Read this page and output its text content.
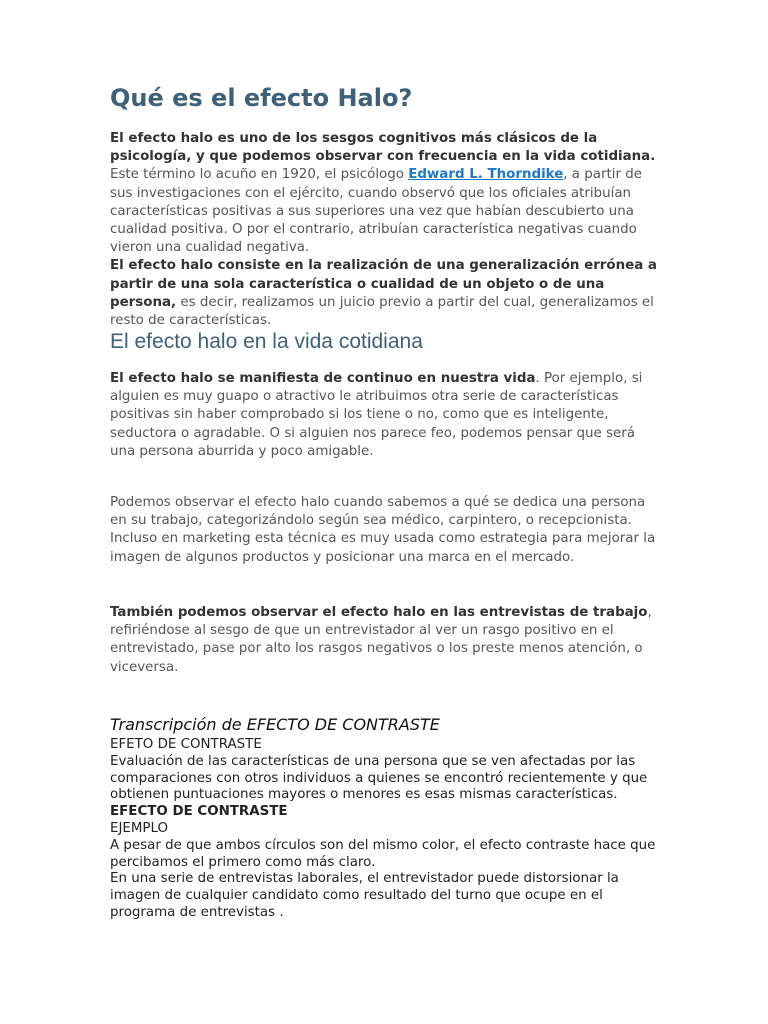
Qué es el efecto Halo?

El efecto halo es uno de los sesgos cognitivos más clásicos de la psicología, y que podemos observar con frecuencia en la vida cotidiana. Este término lo acuño en 1920, el psicólogo Edward L. Thorndike, a partir de sus investigaciones con el ejército, cuando observó que los oficiales atribuían características positivas a sus superiores una vez que habían descubierto una cualidad positiva. O por el contrario, atribuían característica negativas cuando vieron una cualidad negativa.
El efecto halo consiste en la realización de una generalización errónea a partir de una sola característica o cualidad de un objeto o de una persona, es decir, realizamos un juicio previo a partir del cual, generalizamos el resto de características.

El efecto halo en la vida cotidiana

El efecto halo se manifiesta de continuo en nuestra vida. Por ejemplo, si alguien es muy guapo o atractivo le atribuimos otra serie de características positivas sin haber comprobado si los tiene o no, como que es inteligente, seductora o agradable. O si alguien nos parece feo, podemos pensar que será una persona aburrida y poco amigable.

Podemos observar el efecto halo cuando sabemos a qué se dedica una persona en su trabajo, categorizándolo según sea médico, carpintero, o recepcionista. Incluso en marketing esta técnica es muy usada como estrategia para mejorar la imagen de algunos productos y posicionar una marca en el mercado.

También podemos observar el efecto halo en las entrevistas de trabajo, refiriéndose al sesgo de que un entrevistador al ver un rasgo positivo en el entrevistado, pase por alto los rasgos negativos o los preste menos atención, o viceversa.

Transcripción de EFECTO DE CONTRASTE

EFETO DE CONTRASTE

Evaluación de las características de una persona que se ven afectadas por las comparaciones con otros individuos a quienes se encontró recientemente y que obtienen puntuaciones mayores o menores es esas mismas características.

EFECTO DE CONTRASTE

EJEMPLO

A pesar de que ambos círculos son del mismo color, el efecto contraste hace que percibamos el primero como más claro.

En una serie de entrevistas laborales, el entrevistador puede distorsionar la imagen de cualquier candidato como resultado del turno que ocupe en el programa de entrevistas .
